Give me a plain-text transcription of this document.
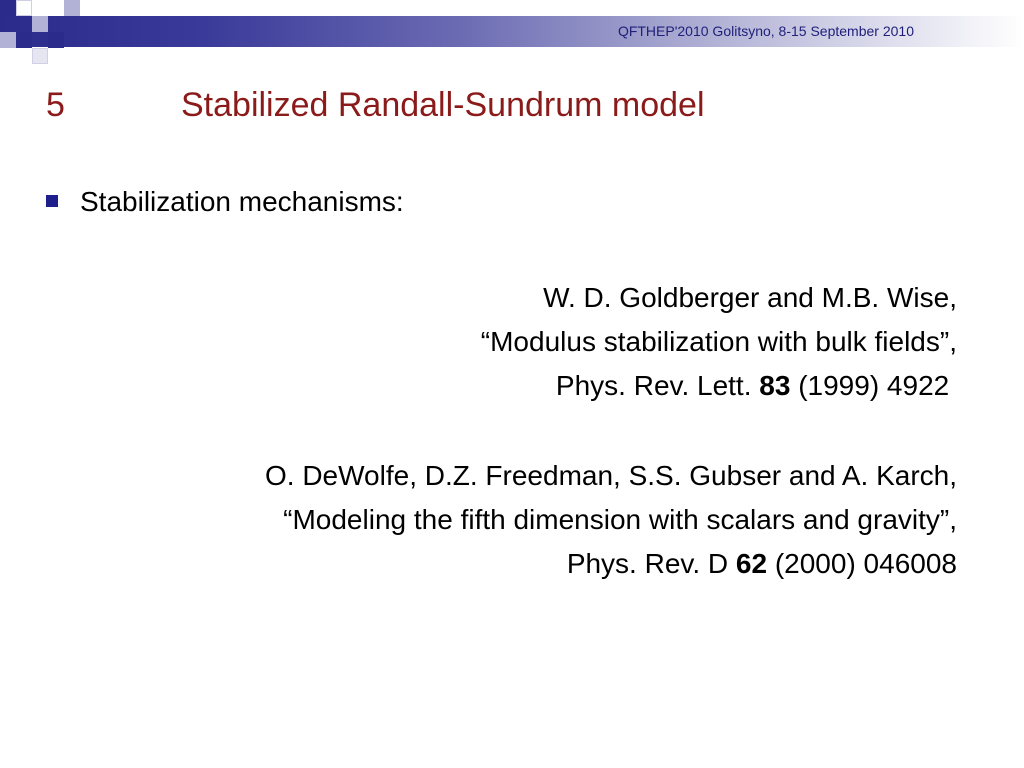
QFTHEP'2010 Golitsyno, 8-15 September 2010
5	Stabilized Randall-Sundrum model
Stabilization mechanisms:
W. D. Goldberger and M.B. Wise,
“Modulus stabilization with bulk fields”,
Phys. Rev. Lett. 83 (1999) 4922
O. DeWolfe, D.Z. Freedman, S.S. Gubser and A. Karch,
“Modeling the fifth dimension with scalars and gravity”,
Phys. Rev. D 62 (2000) 046008
